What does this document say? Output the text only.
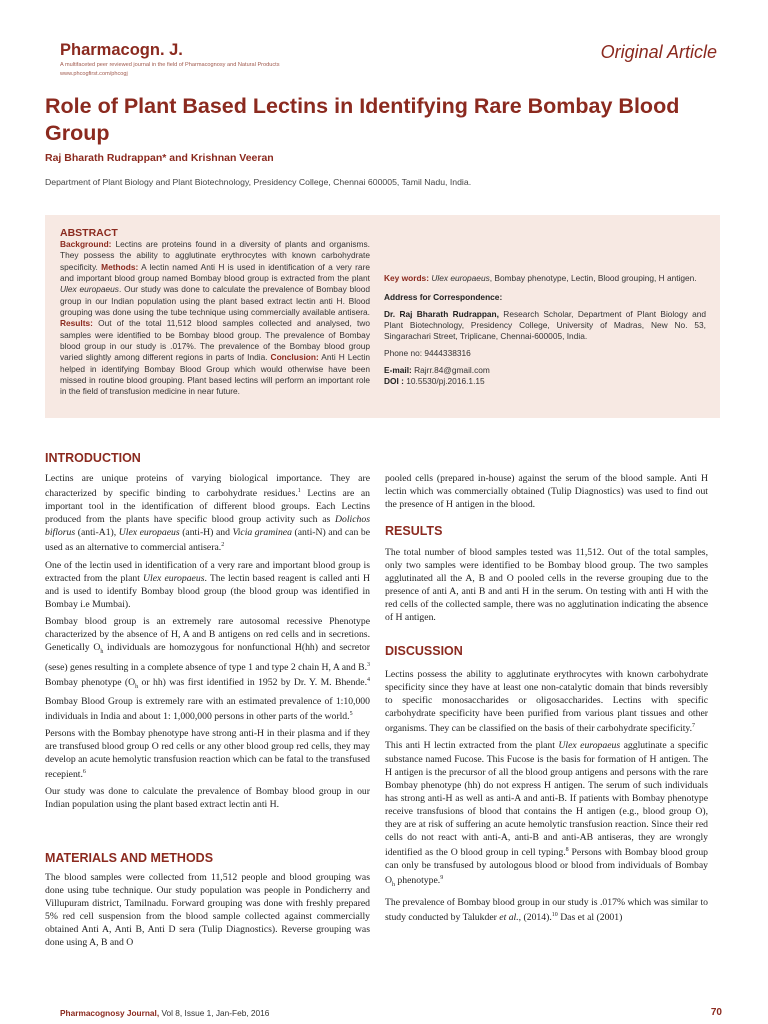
Pharmacogn. J.
A multifaceted peer reviewed journal in the field of Pharmacognosy and Natural Products
www.phcogfirst.com/phcogj
Original Article
Role of Plant Based Lectins in Identifying Rare Bombay Blood Group
Raj Bharath Rudrappan* and Krishnan Veeran
Department of Plant Biology and Plant Biotechnology, Presidency College, Chennai 600005, Tamil Nadu, India.
ABSTRACT

Background: Lectins are proteins found in a diversity of plants and organisms. They possess the ability to agglutinate erythrocytes with known carbohydrate specificity. Methods: A lectin named Anti H is used in identification of a very rare and important blood group named Bombay blood group is extracted from the plant Ulex europaeus. Our study was done to calculate the prevalence of Bombay blood group in our Indian population using the plant based extract lectin anti H. Blood grouping was done using the tube technique using commercially available antisera. Results: Out of the total 11,512 blood samples collected and analysed, two samples were identified to be Bombay blood group. The prevalence of Bombay blood group in our study is .017%. The prevalence of the Bombay blood group varied slightly among different regions in parts of India. Conclusion: Anti H Lectin helped in identifying Bombay Blood Group which would otherwise have been missed in routine blood grouping. Plant based lectins will perform an important role in the field of transfusion medicine in near future.

Key words: Ulex europaeus, Bombay phenotype, Lectin, Blood grouping, H antigen.

Address for Correspondence:

Dr. Raj Bharath Rudrappan, Research Scholar, Department of Plant Biology and Plant Biotechnology, Presidency College, University of Madras, New No. 53, Singarachari Street, Triplicane, Chennai-600005, India.

Phone no: 9444338316

E-mail: Rajrr.84@gmail.com

DOI : 10.5530/pj.2016.1.15

INTRODUCTION

Lectins are unique proteins of varying biological importance. They are characterized by specific binding to carbohydrate residues.$^1$ Lectins are an important tool in the identification of different blood groups. Each Lectins produced from the plants have specific blood group activity such as Dolichos biflorus (anti-A1), Ulex europaeus (anti-H) and Vicia graminea (anti-N) and can be used as an alternative to commercial antisera.$^2$

One of the lectin used in identification of a very rare and important blood group is extracted from the plant Ulex europaeus. The lectin based reagent is called anti H and is used to identify Bombay blood group (the blood group was identified in Bombay i.e Mumbai).

Bombay blood group is an extremely rare autosomal recessive Phenotype characterized by the absence of H, A and B antigens on red cells and in secretions. Genetically $O_h$ individuals are homozygous for nonfunctional H(hh) and secretor (sese) genes resulting in a complete absence of type 1 and type 2 chain H, A and B.$^3$ Bombay phenotype ($O_h$ or hh) was first identified in 1952 by Dr. Y. M. Bhende.$^4$ Bombay Blood Group is extremely rare with an estimated prevalence of 1:10,000 individuals in India and about 1: 1,000,000 persons in other parts of the world.$^5$

Persons with the Bombay phenotype have strong anti-H in their plasma and if they are transfused blood group O red cells or any other blood group red cells, they may develop an acute hemolytic transfusion reaction which can be fatal to the transfused recepient.$^6$

Our study was done to calculate the prevalence of Bombay blood group in our Indian population using the plant based extract lectin anti H.

MATERIALS AND METHODS

The blood samples were collected from 11,512 people and blood grouping was done using tube technique. Our study population was people in Pondicherry and Villupuram district, Tamilnadu. Forward grouping was done with freshly prepared 5% red cell suspension from the blood sample collected against commercially obtained Anti A, Anti B, Anti D sera (Tulip Diagnostics). Reverse grouping was done using A, B and O

pooled cells (prepared in-house) against the serum of the blood sample. Anti H lectin which was commercially obtained (Tulip Diagnostics) was used to find out the presence of H antigen in the blood.

RESULTS

The total number of blood samples tested was 11,512. Out of the total samples, only two samples were identified to be Bombay blood group. The two samples agglutinated all the A, B and O pooled cells in the reverse grouping due to the presence of anti A, anti B and anti H in the serum. On testing with anti H with the red cells of the collected sample, there was no agglutination indicating the absence of H antigen.

DISCUSSION

Lectins possess the ability to agglutinate erythrocytes with known carbohydrate specificity since they have at least one non-catalytic domain that binds reversibly to specific monosaccharides or oligosaccharides. Lectins with specific carbohydrate specificity have been purified from various plant tissues and other organisms. They can be classified on the basis of their carbohydrate specificity.$^7$

This anti H lectin extracted from the plant Ulex europaeus agglutinate a specific substance named Fucose. This Fucose is the basis for formation of H antigen. The H antigen is the precursor of all the blood group antigens and persons with the rare Bombay phenotype (hh) do not express H antigen. The serum of such individuals has strong anti-H as well as anti-A and anti-B. If patients with Bombay phenotype receive transfusions of blood that contains the H antigen (e.g., blood group O), they are at risk of suffering an acute hemolytic transfusion reaction. Since their red cells do not react with anti-A, anti-B and anti-AB antiseras, they are wrongly identified as the O blood group in cell typing.$^8$ Persons with Bombay blood group can only be transfused by autologous blood or blood from individuals of Bombay $O_h$ phenotype.$^9$

The prevalence of Bombay blood group in our study is .017% which was similar to study conducted by Talukder et al., (2014).$^{10}$ Das et al (2001)

Pharmacognosy Journal, Vol 8, Issue 1, Jan-Feb, 2016	70
